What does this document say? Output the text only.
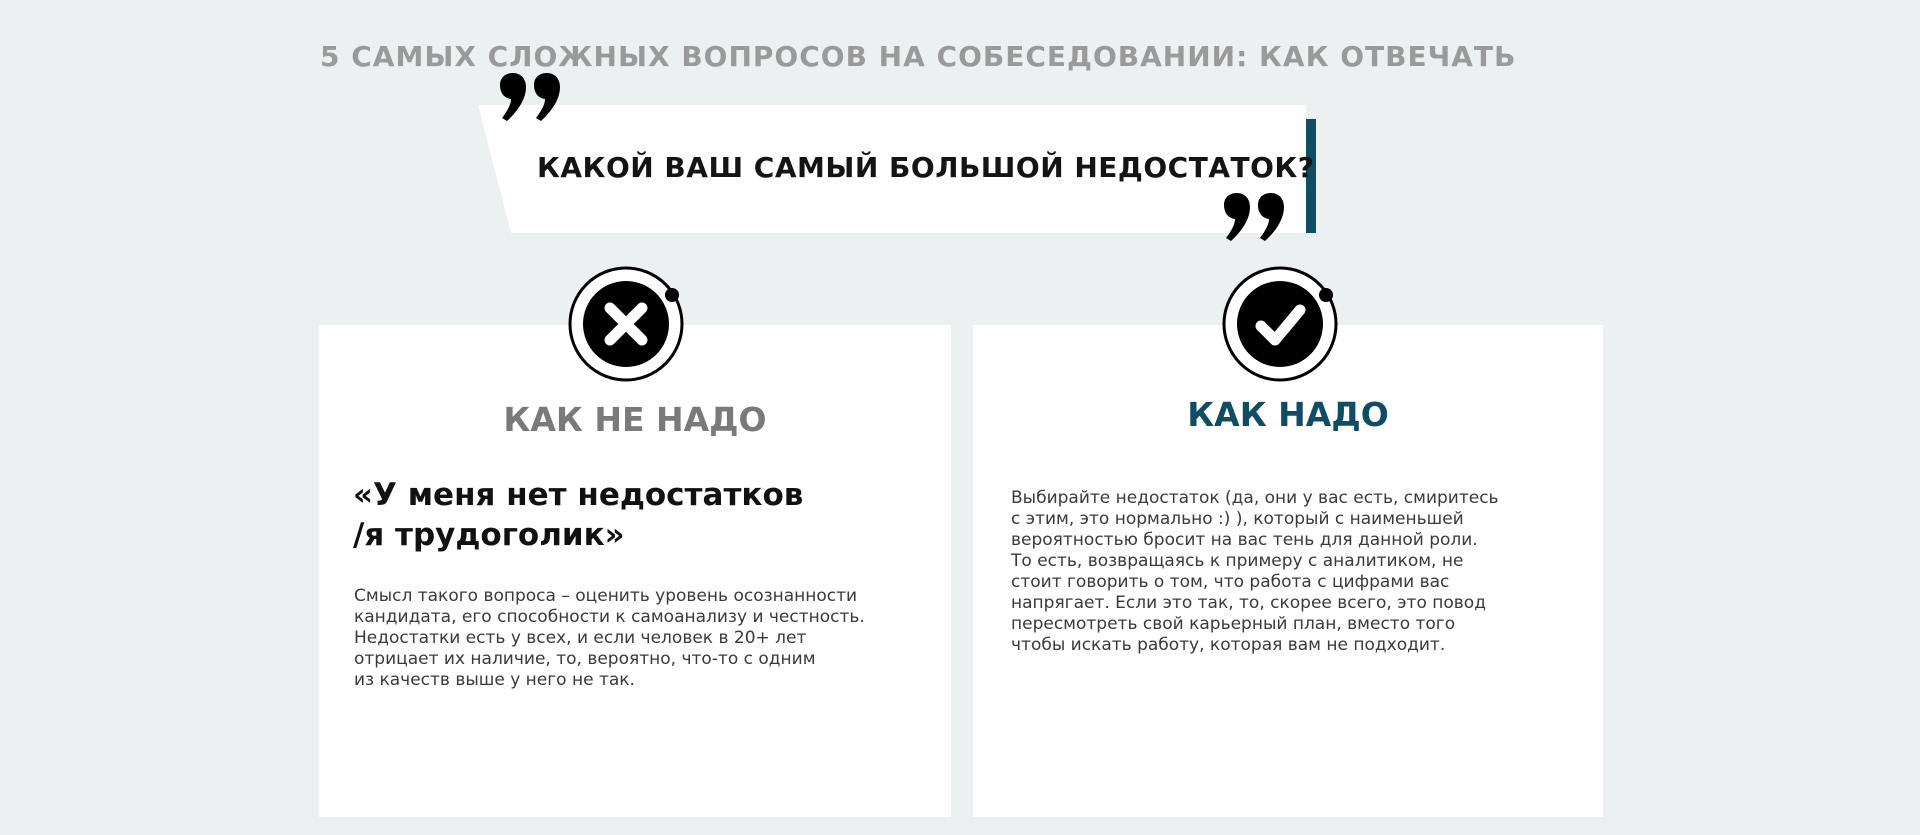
5 САМЫХ СЛОЖНЫХ ВОПРОСОВ НА СОБЕСЕДОВАНИИ: КАК ОТВЕЧАТЬ
КАКОЙ ВАШ САМЫЙ БОЛЬШОЙ НЕДОСТАТОК?
КАК НЕ НАДО

«У меня нет недостатков
/я трудоголик»

Смысл такого вопроса – оценить уровень осознанности
кандидата, его способности к самоанализу и честность.
Недостатки есть у всех, и если человек в 20+ лет
отрицает их наличие, то, вероятно, что-то с одним
из качеств выше у него не так.

КАК НАДО

Выбирайте недостаток (да, они у вас есть, смиритесь
с этим, это нормально :) ), который с наименьшей
вероятностью бросит на вас тень для данной роли.
То есть, возвращаясь к примеру с аналитиком, не
стоит говорить о том, что работа с цифрами вас
напрягает. Если это так, то, скорее всего, это повод
пересмотреть свой карьерный план, вместо того
чтобы искать работу, которая вам не подходит.
